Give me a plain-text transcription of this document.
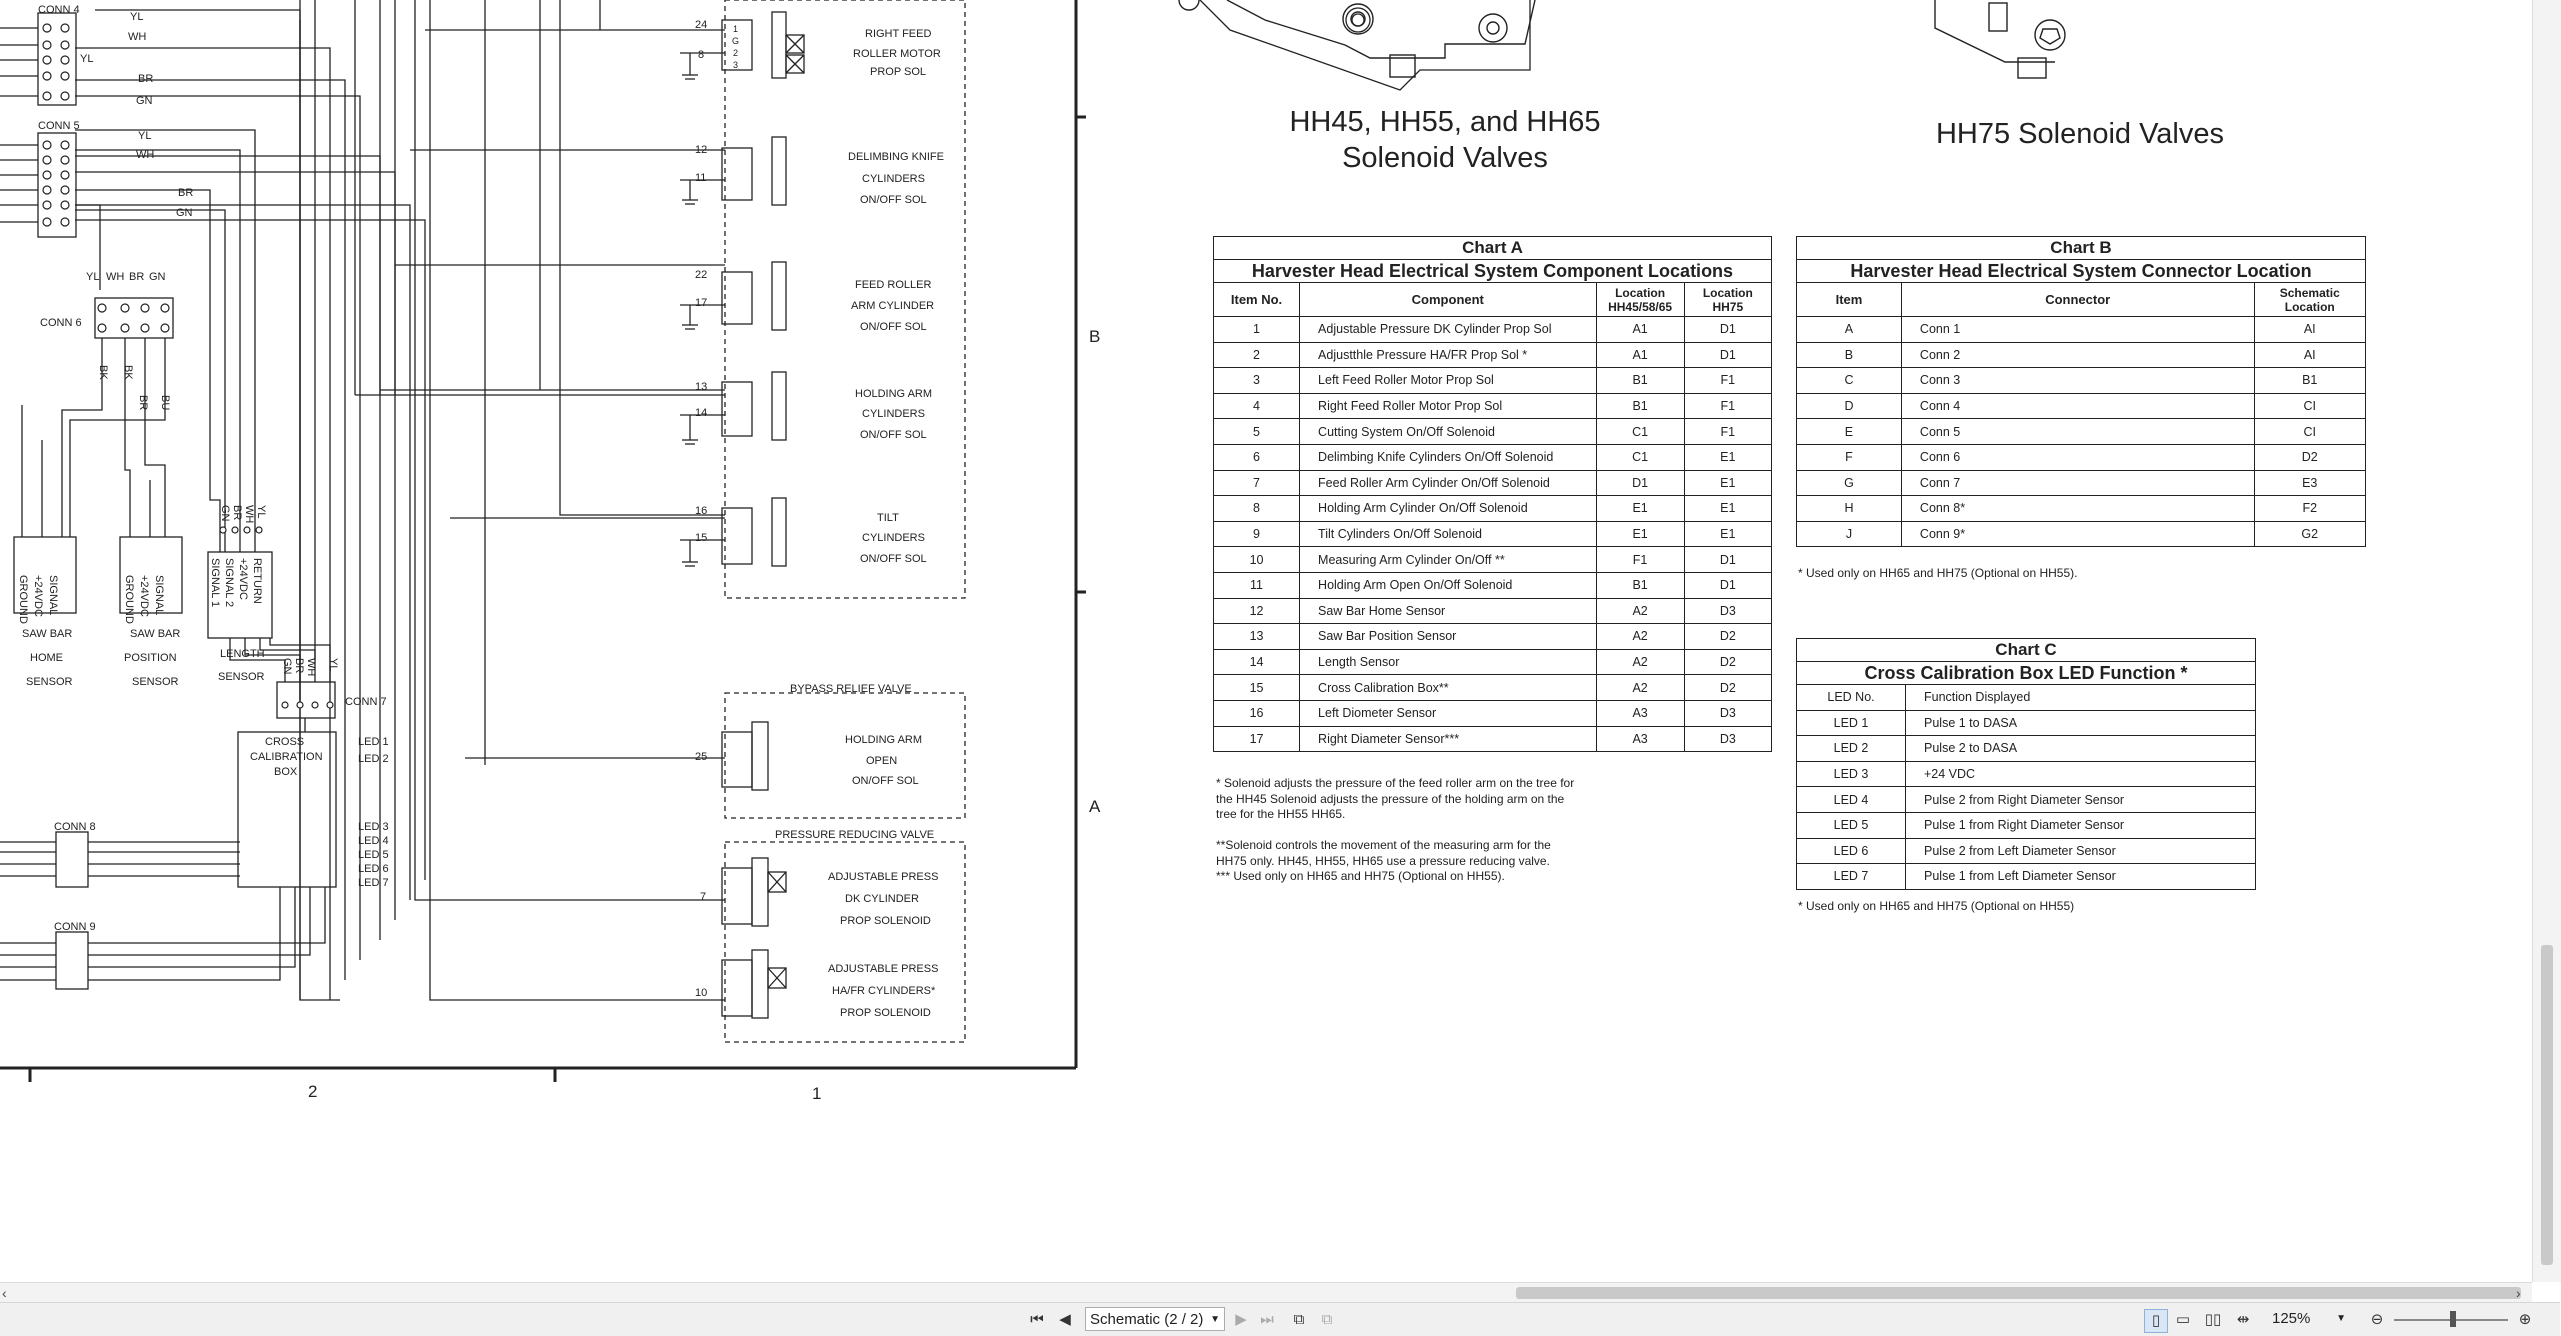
CONN 4
CONN 5
CONN 6
CONN 7
CONN 8
CONN 9
YL
WH
YL
BR
GN
YL
WH
BR
GN
YL WH BR GN
BK BK
BR BU
GN BR WH YL
GN BR WH YL
GROUND +24VDC SIGNAL	GROUND +24VDC SIGNAL	SIGNAL 1 SIGNAL 2 +24VDC RETURN
SAW BAR
HOME
SENSOR
SAW BAR
POSITION
SENSOR
LENGTH
SENSOR
CROSS
CALIBRATION
BOX
LED 1
LED 2
LED 3
LED 4
LED 5
LED 6
LED 7
RIGHT FEED
ROLLER MOTOR
PROP SOL
24
8
DELIMBING KNIFE
CYLINDERS
ON/OFF SOL
12
11
FEED ROLLER
ARM CYLINDER
ON/OFF SOL
22
17
HOLDING ARM
CYLINDERS
ON/OFF SOL
13
14
TILT
CYLINDERS
ON/OFF SOL
16
15
BYPASS RELIEF VALVE
HOLDING ARM
OPEN
ON/OFF SOL
25
PRESSURE REDUCING VALVE
ADJUSTABLE PRESS
DK CYLINDER
PROP SOLENOID
7
ADJUSTABLE PRESS
HA/FR CYLINDERS*
PROP SOLENOID
10
1
G
2
3
B
A
2	1
HH45, HH55, and HH65 Solenoid Valves
HH75 Solenoid Valves
Chart A			
Harvester Head Electrical System Component Locations			
Item No.	Component	Location HH45/58/65	Location HH75
1	Adjustable Pressure DK Cylinder Prop Sol	A1	D1
2	Adjustthle Pressure HA/FR Prop Sol *	A1	D1
3	Left Feed Roller Motor Prop Sol	B1	F1
4	Right Feed Roller Motor Prop Sol	B1	F1
5	Cutting System On/Off Solenoid	C1	F1
6	Delimbing Knife Cylinders On/Off Solenoid	C1	E1
7	Feed Roller Arm Cylinder On/Off Solenoid	D1	E1
8	Holding Arm Cylinder On/Off Solenoid	E1	E1
9	Tilt Cylinders On/Off Solenoid	E1	E1
10	Measuring Arm Cylinder On/Off **	F1	D1
11	Holding Arm Open On/Off Solenoid	B1	D1
12	Saw Bar Home Sensor	A2	D3
13	Saw Bar Position Sensor	A2	D2
14	Length Sensor	A2	D2
15	Cross Calibration Box**	A2	D2
16	Left Diometer Sensor	A3	D3
17	Right Diameter Sensor***	A3	D3
* Solenoid adjusts the pressure of the feed roller arm on the tree for the HH45 Solenoid adjusts the pressure of the holding arm on the tree for the HH55 HH65.
**Solenoid controls the movement of the measuring arm for the HH75 only. HH45, HH55, HH65 use a pressure reducing valve.
*** Used only on HH65 and HH75 (Optional on HH55).
Chart B		
Harvester Head Electrical System Connector Location		
Item	Connector	Schematic Location
A	Conn 1	AI
B	Conn 2	AI
C	Conn 3	B1
D	Conn 4	CI
E	Conn 5	CI
F	Conn 6	D2
G	Conn 7	E3
H	Conn 8*	F2
J	Conn 9*	G2
* Used only on HH65 and HH75 (Optional on HH55).
Chart C	
Cross Calibration Box LED Function *	
LED No.	Function Displayed
LED 1	Pulse 1 to DASA
LED 2	Pulse 2 to DASA
LED 3	+24 VDC
LED 4	Pulse 2 from Right Diameter Sensor
LED 5	Pulse 1 from Right Diameter Sensor
LED 6	Pulse 2 from Left Diameter Sensor
LED 7	Pulse 1 from Left Diameter Sensor
* Used only on HH65 and HH75 (Optional on HH55)
‹	›
⏮	◀	Schematic (2 / 2) ▼	▶ ⏭	⧉	⧉	▯	▭ ▯▯	⇹	125%	▼	⊖	⊕
